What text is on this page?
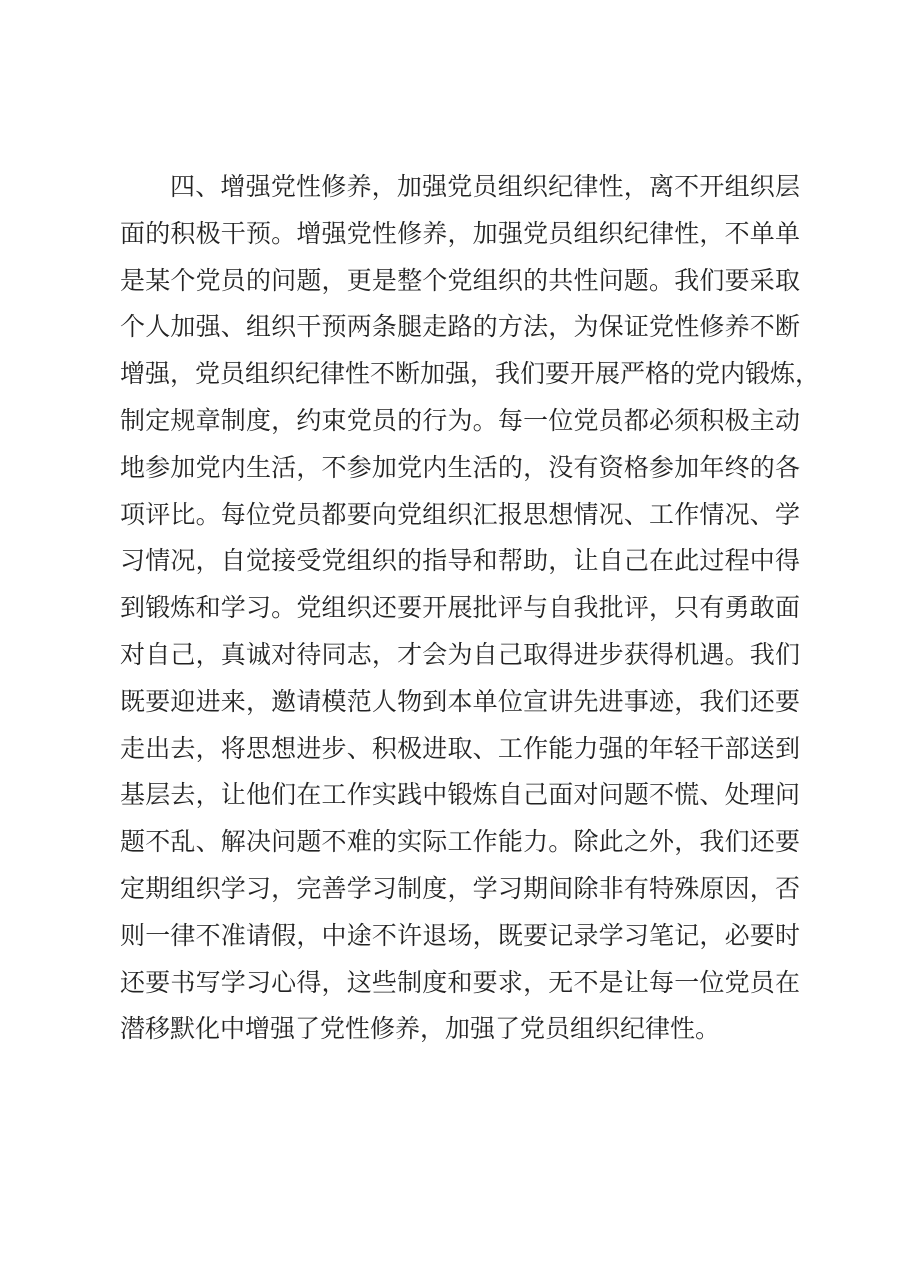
四、增强党性修养，加强党员组织纪律性，离不开组织层
面的积极干预。增强党性修养，加强党员组织纪律性，不单单
是某个党员的问题，更是整个党组织的共性问题。我们要采取
个人加强、组织干预两条腿走路的方法，为保证党性修养不断
增强，党员组织纪律性不断加强，我们要开展严格的党内锻炼，
制定规章制度，约束党员的行为。每一位党员都必须积极主动
地参加党内生活，不参加党内生活的，没有资格参加年终的各
项评比。每位党员都要向党组织汇报思想情况、工作情况、学
习情况，自觉接受党组织的指导和帮助，让自己在此过程中得
到锻炼和学习。党组织还要开展批评与自我批评，只有勇敢面
对自己，真诚对待同志，才会为自己取得进步获得机遇。我们
既要迎进来，邀请模范人物到本单位宣讲先进事迹，我们还要
走出去，将思想进步、积极进取、工作能力强的年轻干部送到
基层去，让他们在工作实践中锻炼自己面对问题不慌、处理问
题不乱、解决问题不难的实际工作能力。除此之外，我们还要
定期组织学习，完善学习制度，学习期间除非有特殊原因，否
则一律不准请假，中途不许退场，既要记录学习笔记，必要时
还要书写学习心得，这些制度和要求，无不是让每一位党员在
潜移默化中增强了党性修养，加强了党员组织纪律性。
